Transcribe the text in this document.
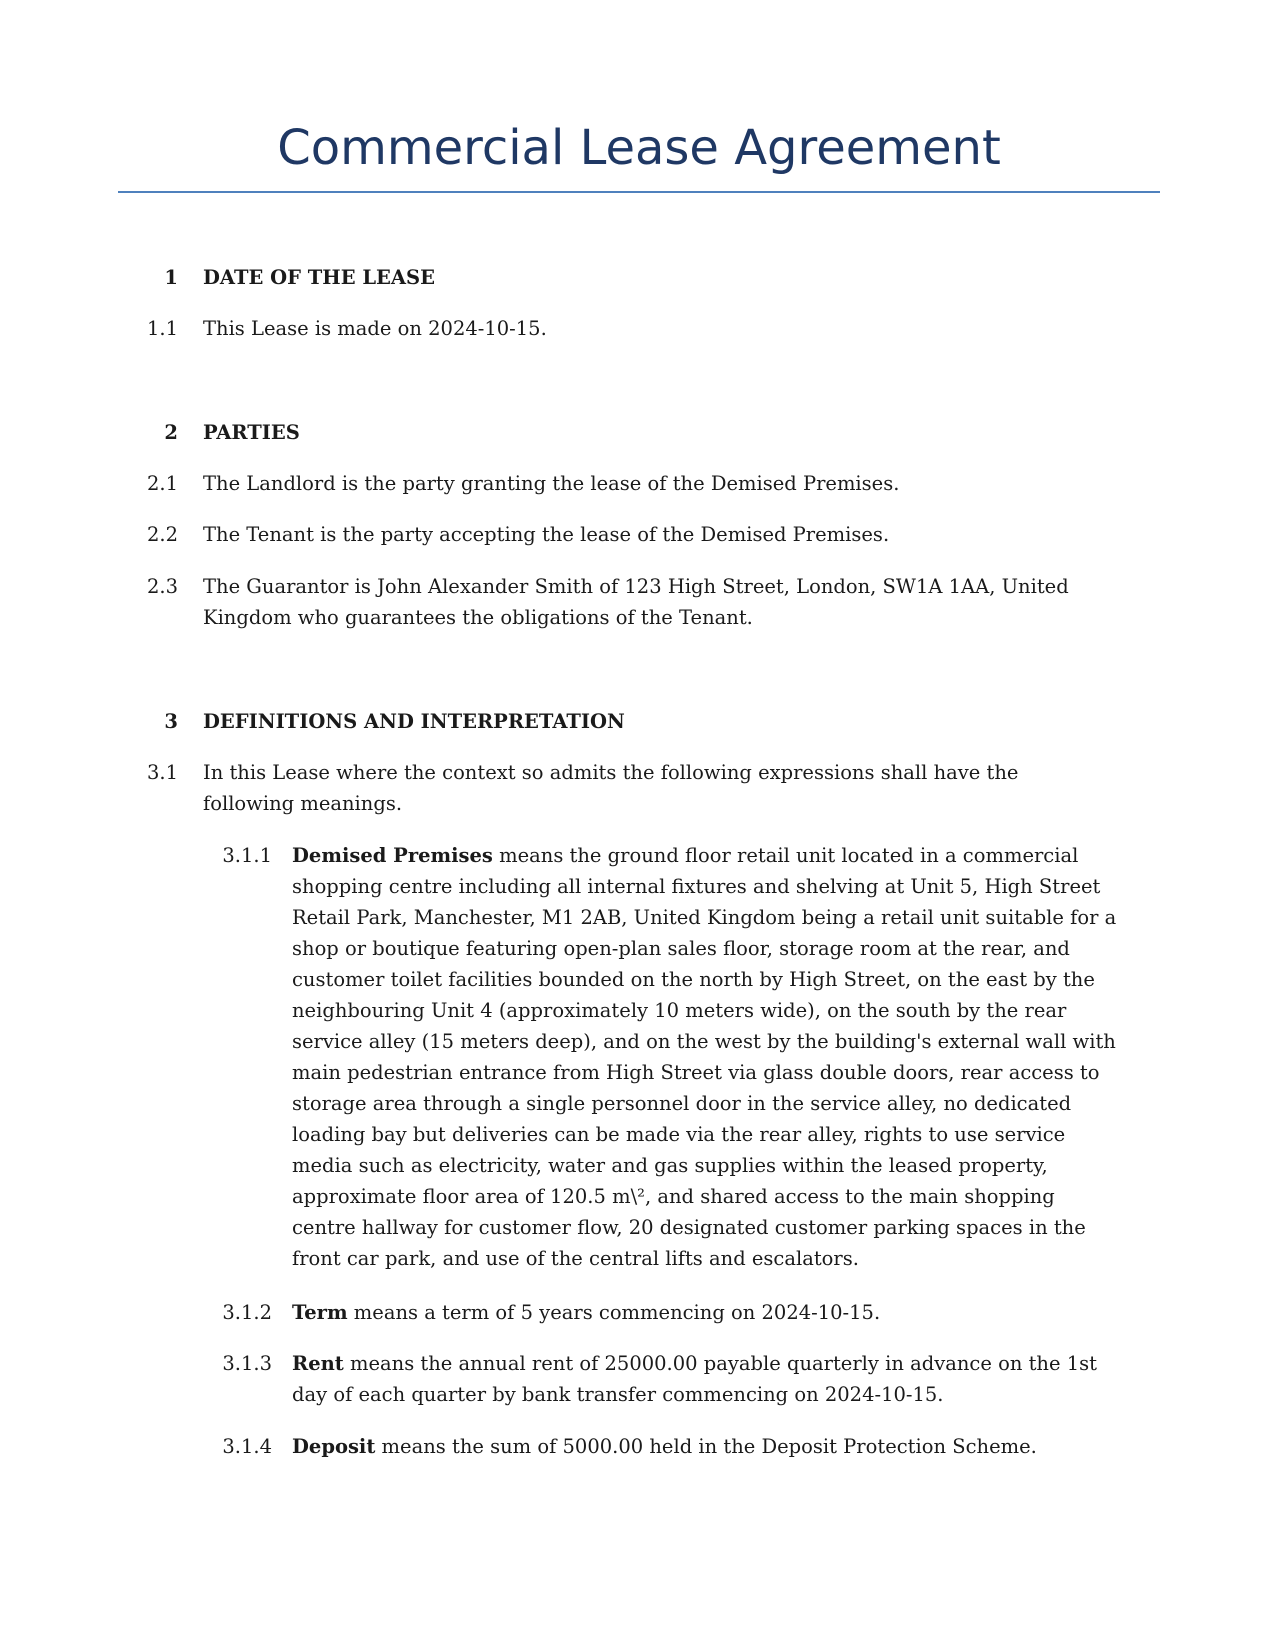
Commercial Lease Agreement
1 DATE OF THE LEASE
1.1 This Lease is made on 2024-10-15.
2 PARTIES
2.1 The Landlord is the party granting the lease of the Demised Premises.
2.2 The Tenant is the party accepting the lease of the Demised Premises.
2.3 The Guarantor is John Alexander Smith of 123 High Street, London, SW1A 1AA, United Kingdom who guarantees the obligations of the Tenant.
3 DEFINITIONS AND INTERPRETATION
3.1 In this Lease where the context so admits the following expressions shall have the following meanings.
3.1.1 Demised Premises means the ground floor retail unit located in a commercial shopping centre including all internal fixtures and shelving at Unit 5, High Street Retail Park, Manchester, M1 2AB, United Kingdom being a retail unit suitable for a shop or boutique featuring open-plan sales floor, storage room at the rear, and customer toilet facilities bounded on the north by High Street, on the east by the neighbouring Unit 4 (approximately 10 meters wide), on the south by the rear service alley (15 meters deep), and on the west by the building's external wall with main pedestrian entrance from High Street via glass double doors, rear access to storage area through a single personnel door in the service alley, no dedicated loading bay but deliveries can be made via the rear alley, rights to use service media such as electricity, water and gas supplies within the leased property, approximate floor area of 120.5 m\², and shared access to the main shopping centre hallway for customer flow, 20 designated customer parking spaces in the front car park, and use of the central lifts and escalators.
3.1.2 Term means a term of 5 years commencing on 2024-10-15.
3.1.3 Rent means the annual rent of 25000.00 payable quarterly in advance on the 1st day of each quarter by bank transfer commencing on 2024-10-15.
3.1.4 Deposit means the sum of 5000.00 held in the Deposit Protection Scheme.
